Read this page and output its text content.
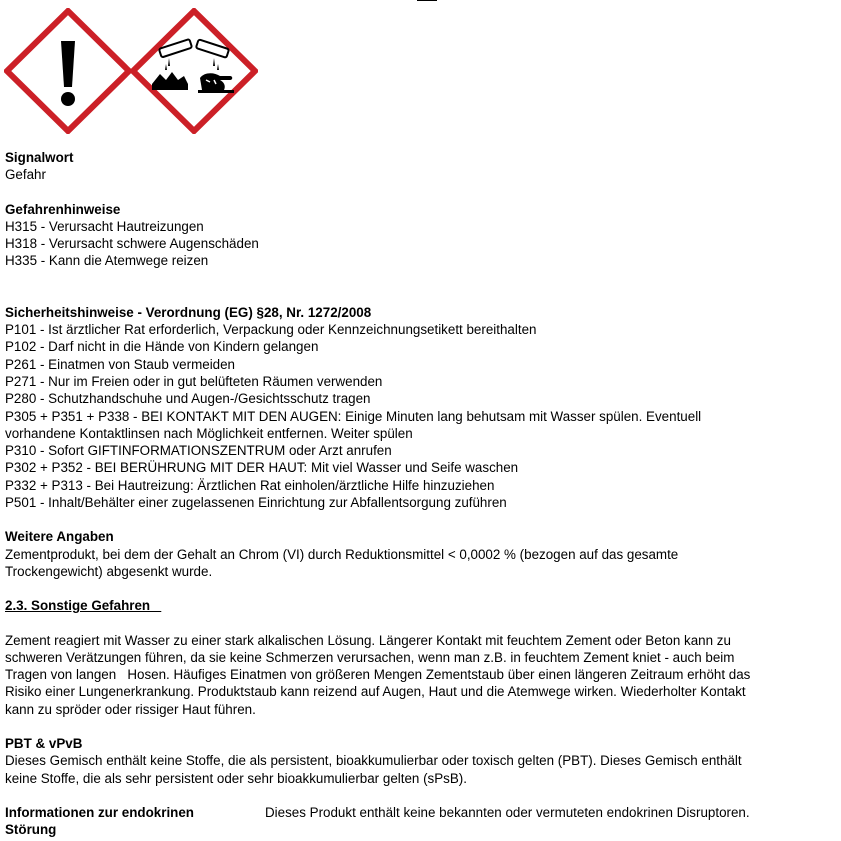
Signalwort
Gefahr
Gefahrenhinweise
H315 - Verursacht Hautreizungen
H318 - Verursacht schwere Augenschäden
H335 - Kann die Atemwege reizen
Sicherheitshinweise - Verordnung (EG) §28, Nr. 1272/2008
P101 - Ist ärztlicher Rat erforderlich, Verpackung oder Kennzeichnungsetikett bereithalten
P102 - Darf nicht in die Hände von Kindern gelangen
P261 - Einatmen von Staub vermeiden
P271 - Nur im Freien oder in gut belüfteten Räumen verwenden
P280 - Schutzhandschuhe und Augen-/Gesichtsschutz tragen
P305 + P351 + P338 - BEI KONTAKT MIT DEN AUGEN: Einige Minuten lang behutsam mit Wasser spülen. Eventuell
vorhandene Kontaktlinsen nach Möglichkeit entfernen. Weiter spülen
P310 - Sofort GIFTINFORMATIONSZENTRUM oder Arzt anrufen
P302 + P352 - BEI BERÜHRUNG MIT DER HAUT: Mit viel Wasser und Seife waschen
P332 + P313 - Bei Hautreizung: Ärztlichen Rat einholen/ärztliche Hilfe hinzuziehen
P501 - Inhalt/Behälter einer zugelassenen Einrichtung zur Abfallentsorgung zuführen
Weitere Angaben
Zementprodukt, bei dem der Gehalt an Chrom (VI) durch Reduktionsmittel < 0,0002 % (bezogen auf das gesamte
Trockengewicht) abgesenkt wurde.
2.3. Sonstige Gefahren
Zement reagiert mit Wasser zu einer stark alkalischen Lösung. Längerer Kontakt mit feuchtem Zement oder Beton kann zu
schweren Verätzungen führen, da sie keine Schmerzen verursachen, wenn man z.B. in feuchtem Zement kniet - auch beim
Tragen von langen   Hosen. Häufiges Einatmen von größeren Mengen Zementstaub über einen längeren Zeitraum erhöht das
Risiko einer Lungenerkrankung. Produktstaub kann reizend auf Augen, Haut und die Atemwege wirken. Wiederholter Kontakt
kann zu spröder oder rissiger Haut führen.
PBT & vPvB
Dieses Gemisch enthält keine Stoffe, die als persistent, bioakkumulierbar oder toxisch gelten (PBT). Dieses Gemisch enthält
keine Stoffe, die als sehr persistent oder sehr bioakkumulierbar gelten (sPsB).
Informationen zur endokrinen Störung
Dieses Produkt enthält keine bekannten oder vermuteten endokrinen Disruptoren.
